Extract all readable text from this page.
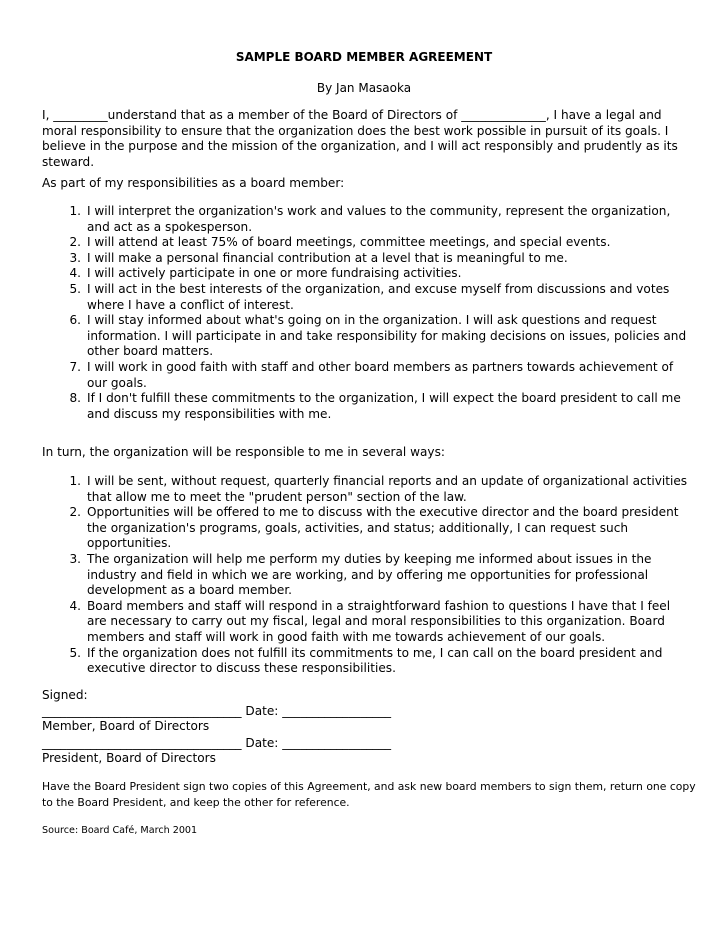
SAMPLE BOARD MEMBER AGREEMENT
By Jan Masaoka
I, _________understand that as a member of the Board of Directors of ______________, I have a legal and moral responsibility to ensure that the organization does the best work possible in pursuit of its goals. I believe in the purpose and the mission of the organization, and I will act responsibly and prudently as its steward.
As part of my responsibilities as a board member:
1. I will interpret the organization's work and values to the community, represent the organization, and act as a spokesperson.
2. I will attend at least 75% of board meetings, committee meetings, and special events.
3. I will make a personal financial contribution at a level that is meaningful to me.
4. I will actively participate in one or more fundraising activities.
5. I will act in the best interests of the organization, and excuse myself from discussions and votes where I have a conflict of interest.
6. I will stay informed about what's going on in the organization. I will ask questions and request information. I will participate in and take responsibility for making decisions on issues, policies and other board matters.
7. I will work in good faith with staff and other board members as partners towards achievement of our goals.
8. If I don't fulfill these commitments to the organization, I will expect the board president to call me and discuss my responsibilities with me.
In turn, the organization will be responsible to me in several ways:
1. I will be sent, without request, quarterly financial reports and an update of organizational activities that allow me to meet the "prudent person" section of the law.
2. Opportunities will be offered to me to discuss with the executive director and the board president the organization's programs, goals, activities, and status; additionally, I can request such opportunities.
3. The organization will help me perform my duties by keeping me informed about issues in the industry and field in which we are working, and by offering me opportunities for professional development as a board member.
4. Board members and staff will respond in a straightforward fashion to questions I have that I feel are necessary to carry out my fiscal, legal and moral responsibilities to this organization. Board members and staff will work in good faith with me towards achievement of our goals.
5. If the organization does not fulfill its commitments to me, I can call on the board president and executive director to discuss these responsibilities.
Signed:
_________________________________ Date: __________________
Member, Board of Directors
_________________________________ Date: __________________
President, Board of Directors
Have the Board President sign two copies of this Agreement, and ask new board members to sign them, return one copy to the Board President, and keep the other for reference.
Source: Board Café, March 2001
